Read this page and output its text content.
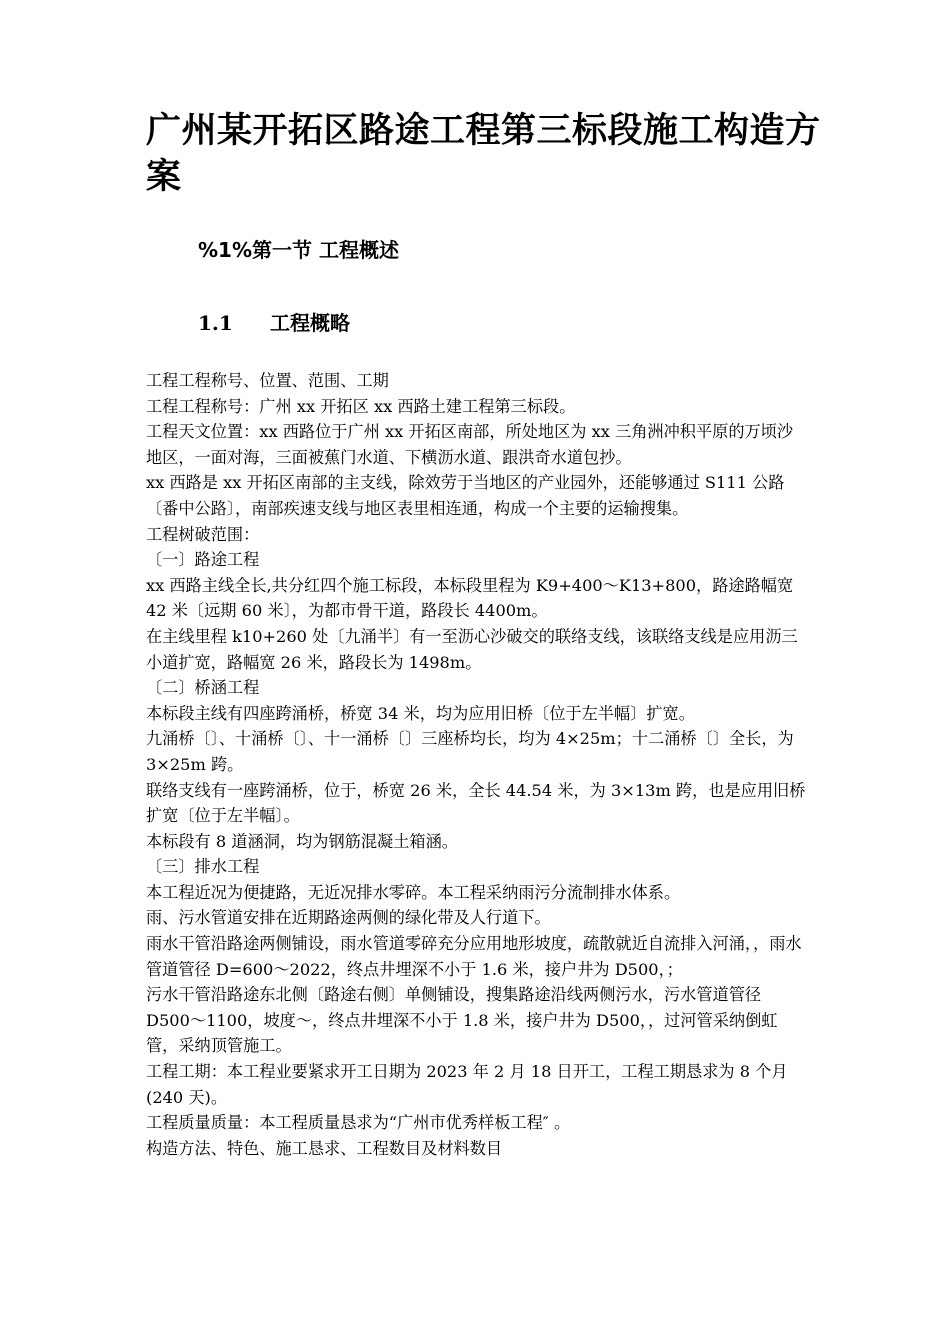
广州某开拓区路途工程第三标段施工构造方案
%1%第一节 工程概述
1.1	工程概略

工程工程称号、位置、范围、工期

工程工程称号：广州 xx 开拓区 xx 西路土建工程第三标段。

工程天文位置：xx 西路位于广州 xx 开拓区南部，所处地区为 xx 三角洲冲积平原的万顷沙地区，一面对海，三面被蕉门水道、下横沥水道、跟洪奇水道包抄。

xx 西路是 xx 开拓区南部的主支线，除效劳于当地区的产业园外，还能够通过 S111 公路〔番中公路〕，南部疾速支线与地区表里相连通，构成一个主要的运输搜集。

工程树破范围：

〔一〕路途工程

xx 西路主线全长,共分红四个施工标段，本标段里程为 K9+400～K13+800，路途路幅宽 42 米〔远期 60 米〕，为都市骨干道，路段长 4400m。

在主线里程 k10+260 处〔九涌半〕有一至沥心沙破交的联络支线，该联络支线是应用沥三小道扩宽，路幅宽 26 米，路段长为 1498m。

〔二〕桥涵工程

本标段主线有四座跨涌桥，桥宽 34 米，均为应用旧桥〔位于左半幅〕扩宽。

九涌桥〔〕、十涌桥〔〕、十一涌桥〔〕三座桥均长，均为 4×25m；十二涌桥〔〕全长，为 3×25m 跨。

联络支线有一座跨涌桥，位于，桥宽 26 米，全长 44.54 米，为 3×13m 跨，也是应用旧桥扩宽〔位于左半幅〕。

本标段有 8 道涵洞，均为钢筋混凝土箱涵。

〔三〕排水工程

本工程近况为便捷路，无近况排水零碎。本工程采纳雨污分流制排水体系。

雨、污水管道安排在近期路途两侧的绿化带及人行道下。

雨水干管沿路途两侧铺设，雨水管道零碎充分应用地形坡度，疏散就近自流排入河涌，，雨水管道管径 D=600～2022，终点井埋深不小于 1.6 米，接户井为 D500，；

污水干管沿路途东北侧〔路途右侧〕单侧铺设，搜集路途沿线两侧污水，污水管道管径 D500～1100，坡度～，终点井埋深不小于 1.8 米，接户井为 D500，，过河管采纳倒虹管，采纳顶管施工。

工程工期：本工程业要紧求开工日期为 2023 年 2 月 18 日开工，工程工期恳求为 8 个月(240 天)。

工程质量质量：本工程质量恳求为“广州市优秀样板工程″ 。

构造方法、特色、施工恳求、工程数目及材料数目
